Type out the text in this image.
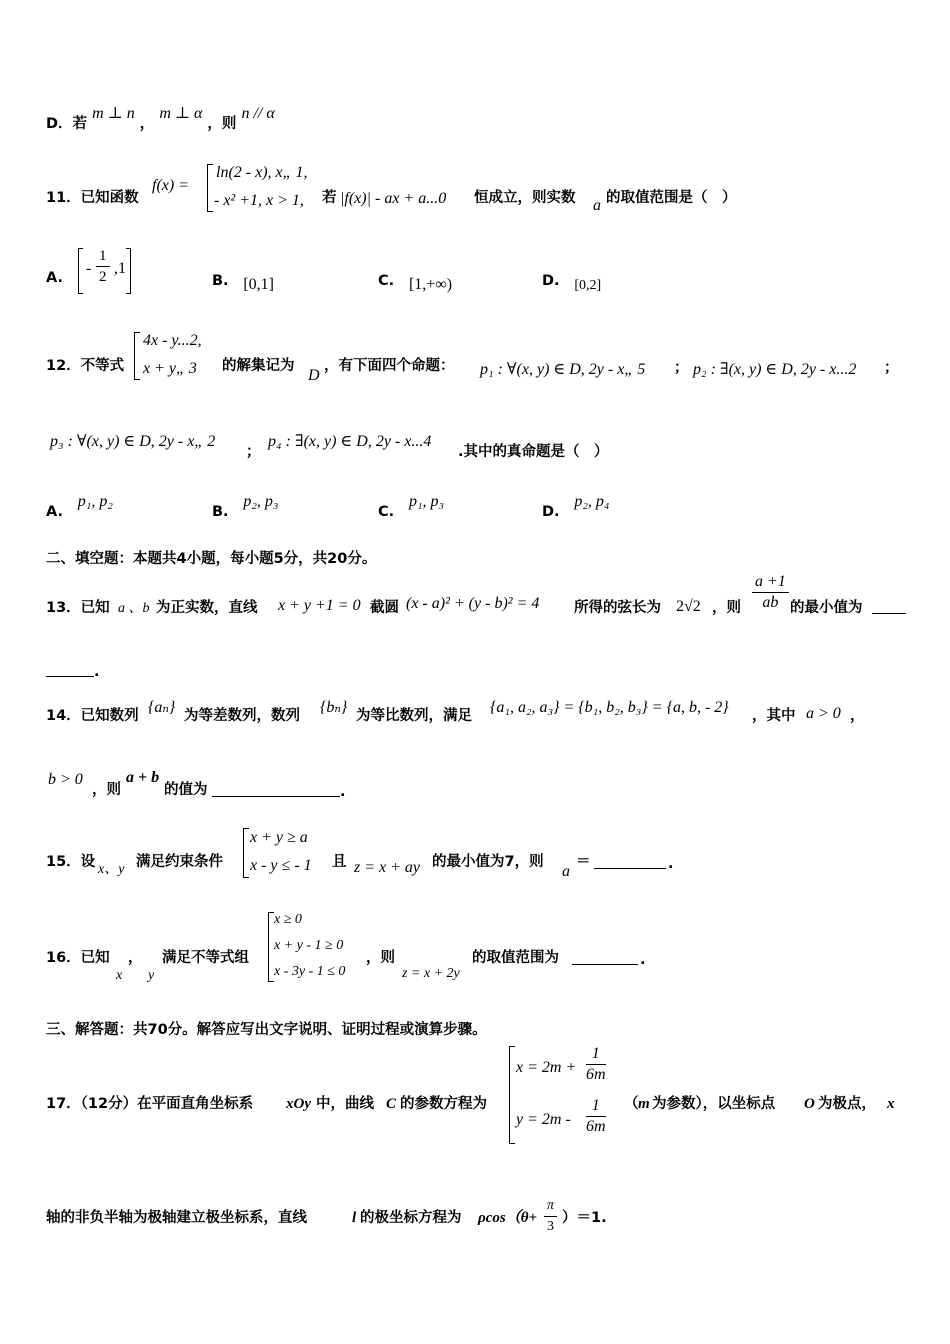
D．若 m ⊥ n ， m ⊥ α ，则 n // α
11．已知函数
f(x) =
ln(2 - x), x„ 1,
- x² +1, x > 1, 若 |f(x)| - ax + a...0 恒成立，则实数 a 的取值范围是（　）
A.
- $\frac{1}{2} ,1$
B. [0,1]	C. [1,+∞)	D. [0,2]
12．不等式
4x - y...2,
x + y„ 3 的解集记为
D
，有下面四个命题： p₁ : ∀(x, y) ∈ D, 2y - x„ 5 ； p₂ : ∃(x, y) ∈ D, 2y - x...2 ；
p₃ : ∀(x, y) ∈ D, 2y - x„ 2
；
p₄ : ∃(x, y) ∈ D, 2y - x...4
.其中的真命题是（　）
A. p₁, p₂
B. p₂, p₃
C. p₁, p₃
D. p₂, p₄
二、填空题：本题共4小题，每小题5分，共20分。
13．已知 a 、b 为正实数，直线 x + y +1 = 0 截圆 (x - a)² + (y - b)² = 4 所得的弦长为 2√2 ，则 $\frac{a +1}{ab}$ 的最小值为
.
14．已知数列 {aₙ} 为等差数列，数列 {bₙ} 为等比数列，满足 {a₁, a₂, a₃} = {b₁, b₂, b₃} = {a, b, - 2} ，其中 a > 0 ，
b > 0
，则
a + b
的值为	.
15．设 x、y 满足约束条件
x + y ≥ a
x - y ≤ - 1 且 z = x + ay 的最小值为7，则
a
＝	.
16．已知
x
，
y
满足不等式组
x ≥ 0
x + y - 1 ≥ 0
x - 3y - 1 ≤ 0
，则
z = x + 2y
的取值范围为	.
三、解答题：共70分。解答应写出文字说明、证明过程或演算步骤。
17．（12分）在平面直角坐标系 xOy 中，曲线 C 的参数方程为
$x = 2m + \frac{1}{6m}$
$y = 2m - \frac{1}{6m}$ （ m 为参数），以坐标点 O 为极点， x
轴的非负半轴为极轴建立极坐标系，直线	l 的极坐标方程为 $\rho\cos(\theta+ \frac{\pi}{3} )=1$.
